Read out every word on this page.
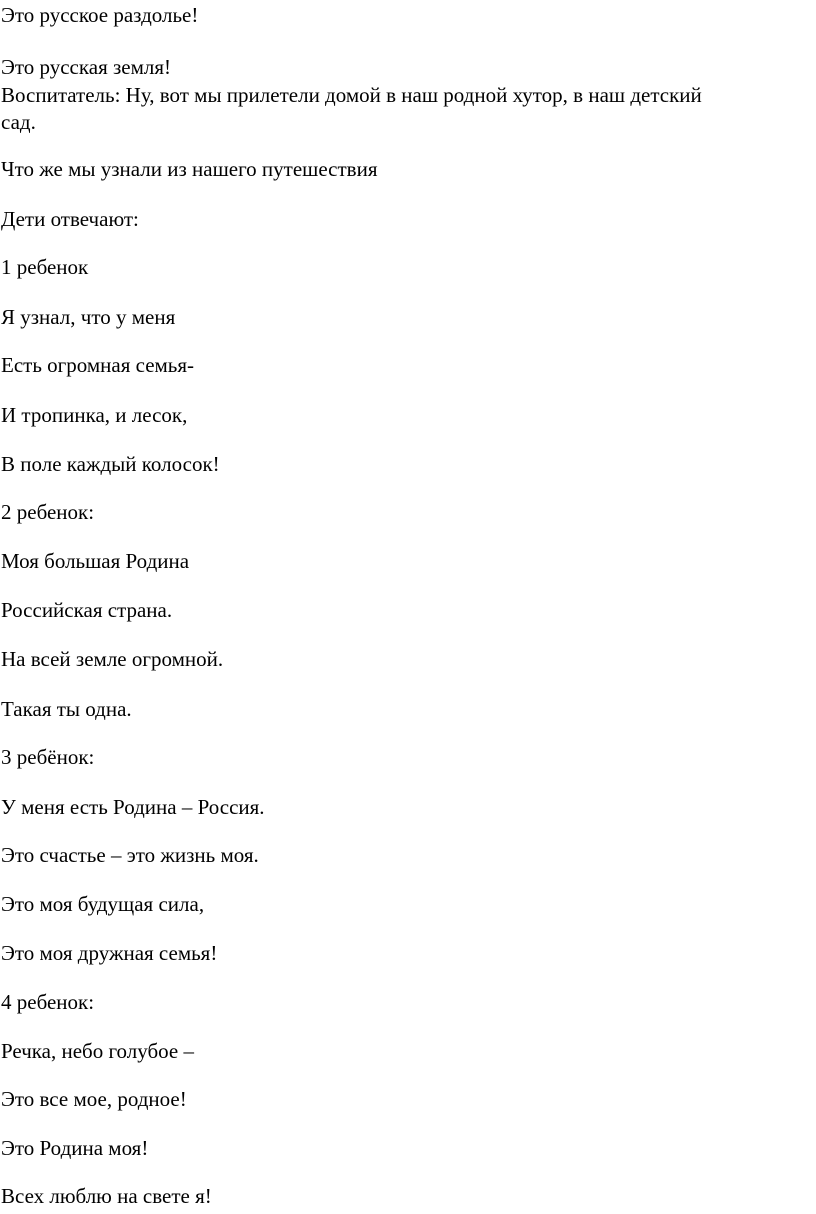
Это русское раздолье!

Это русская земля!

Воспитатель: Ну, вот мы прилетели домой в наш родной хутор, в наш детский

сад.

Что же мы узнали из нашего путешествия

Дети отвечают:

1 ребенок

Я узнал, что у меня

Есть огромная семья-

И тропинка, и лесок,

В поле каждый колосок!

2 ребенок:

Моя большая Родина

Российская страна.

На всей земле огромной.

Такая ты одна.

3 ребёнок:

У меня есть Родина – Россия.

Это счастье – это жизнь моя.

Это моя будущая сила,

Это моя дружная семья!

4 ребенок:

Речка, небо голубое –

Это все мое, родное!

Это Родина моя!

Всех люблю на свете я!
